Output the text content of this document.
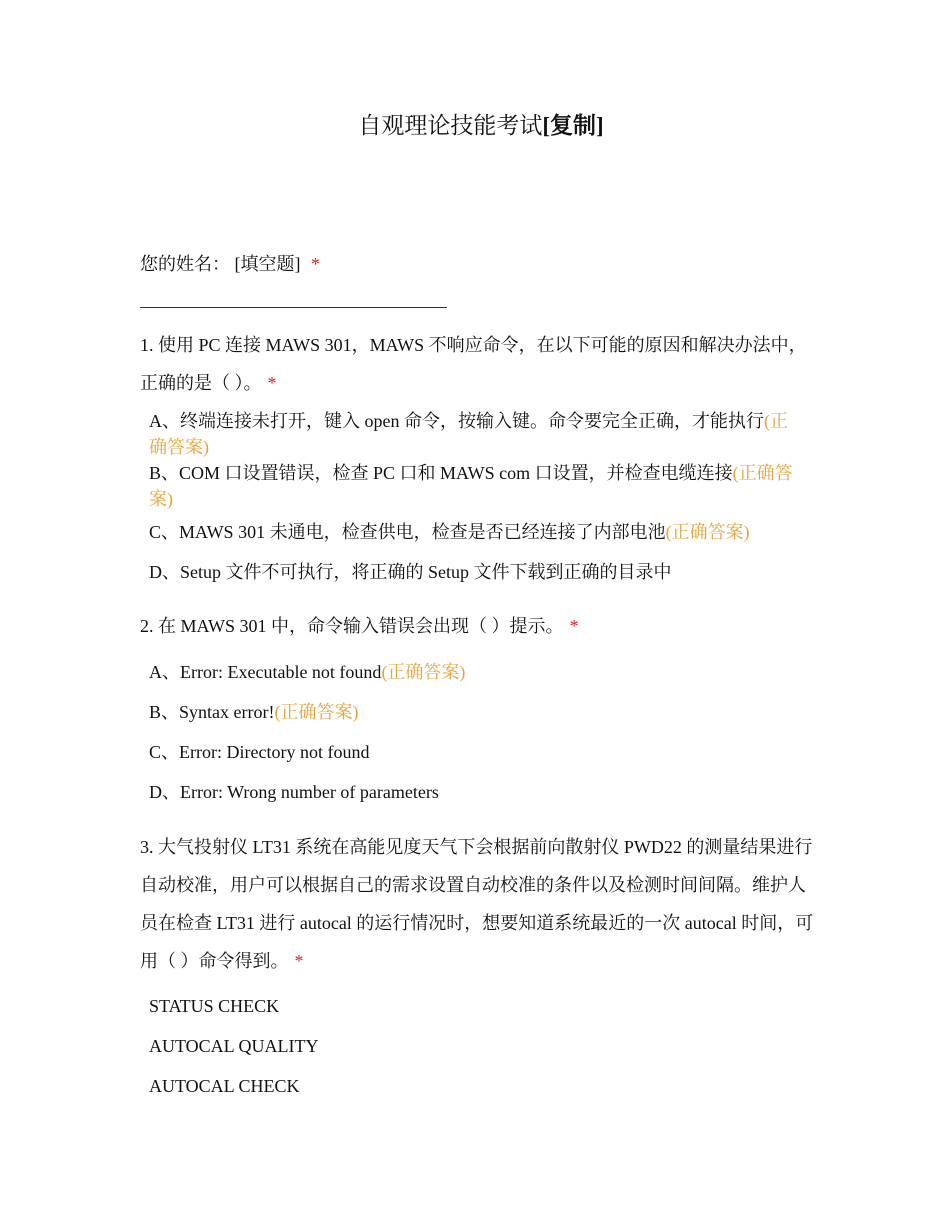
自观理论技能考试[复制]
您的姓名： [填空题] *
1. 使用 PC 连接 MAWS 301，MAWS 不响应命令，在以下可能的原因和解决办法中，正确的是（ ）。 *
A、终端连接未打开，键入 open 命令，按输入键。命令要完全正确，才能执行(正确答案)
B、COM 口设置错误，检查 PC 口和 MAWS com 口设置，并检查电缆连接(正确答案)
C、MAWS 301 未通电，检查供电，检查是否已经连接了内部电池(正确答案)
D、Setup 文件不可执行，将正确的 Setup 文件下载到正确的目录中
2. 在 MAWS 301 中，命令输入错误会出现（ ）提示。 *
A、Error: Executable not found(正确答案)
B、Syntax error!(正确答案)
C、Error: Directory not found
D、Error: Wrong number of parameters
3. 大气投射仪 LT31 系统在高能见度天气下会根据前向散射仪 PWD22 的测量结果进行自动校准，用户可以根据自己的需求设置自动校准的条件以及检测时间间隔。维护人员在检查 LT31 进行 autocal 的运行情况时，想要知道系统最近的一次 autocal 时间，可用（ ）命令得到。 *
STATUS CHECK
AUTOCAL QUALITY
AUTOCAL CHECK
